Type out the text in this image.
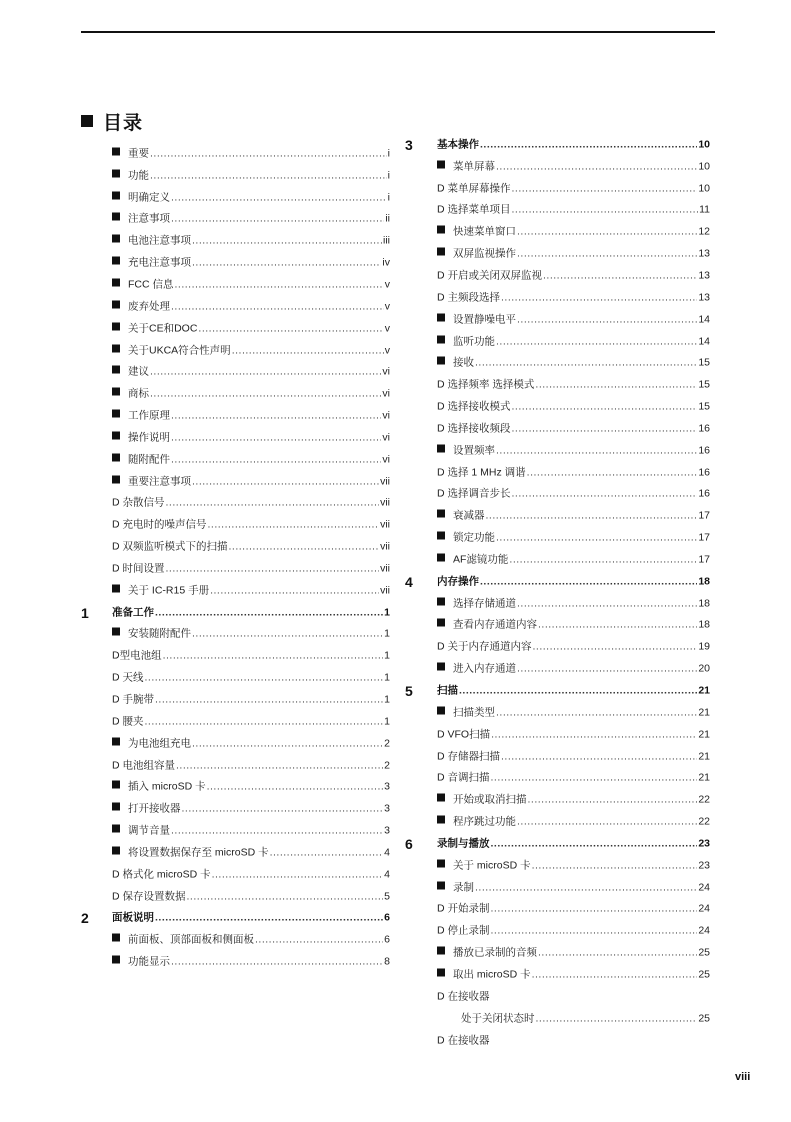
目录
重要 .....	i
功能 .....	i
明确定义 .....	i
注意事项 .....	ii
电池注意事项 .....	iii
充电注意事项 .....	iv
FCC 信息 .....	v
废弃处理 .....	v
关于CE和DOC .....	v
关于UKCA符合性声明 .....	v
建议 .....	vi
商标 .....	vi
工作原理 .....	vi
操作说明 .....	vi
随附配件 .....	vi
重要注意事项 .....	vii
D 杂散信号 .....	vii
D 充电时的噪声信号 .....	vii
D 双频监听模式下的扫描 .....	vii
D 时间设置 .....	vii
关于 IC-R15 手册 .....	vii
1 准备工作 .....	1
安装随附配件 .....	1
D型电池组 .....	1
D 天线 .....	1
D 手腕带 .....	1
D 腰夹 .....	1
为电池组充电 .....	2
D 电池组容量 .....	2
插入 microSD 卡 .....	3
打开接收器 .....	3
调节音量 .....	3
将设置数据保存至 microSD 卡 .....	4
D 格式化 microSD 卡 .....	4
D 保存设置数据 .....	5
2 面板说明 .....	6
前面板、顶部面板和侧面板 .....	6
功能显示 .....	8
3 基本操作 .....	10
菜单屏幕 .....	10
D 菜单屏幕操作 .....	10
D 选择菜单项目 .....	11
快速菜单窗口 .....	12
双屏监视操作 .....	13
D 开启或关闭双屏监视 .....	13
D 主频段选择 .....	13
设置静噪电平 .....	14
监听功能 .....	14
接收 .....	15
D 选择频率 选择模式 .....	15
D 选择接收模式 .....	15
D 选择接收频段 .....	16
设置频率 .....	16
D 选择 1 MHz 调谐 .....	16
D 选择调音步长 .....	16
衰减器 .....	17
锁定功能 .....	17
AF滤镜功能 .....	17
4 内存操作 .....	18
选择存储通道 .....	18
查看内存通道内容 .....	18
D 关于内存通道内容 .....	19
进入内存通道 .....	20
5 扫描 .....	21
扫描类型 .....	21
D VFO扫描 .....	21
D 存储器扫描 .....	21
D 音调扫描 .....	21
开始或取消扫描 .....	22
程序跳过功能 .....	22
6 录制与播放 .....	23
关于 microSD 卡 .....	23
录制 .....	24
D 开始录制 .....	24
D 停止录制 .....	24
播放已录制的音频 .....	25
取出 microSD 卡 .....	25
D 在接收器
处于关闭状态时 .....	25
D 在接收器
viii
